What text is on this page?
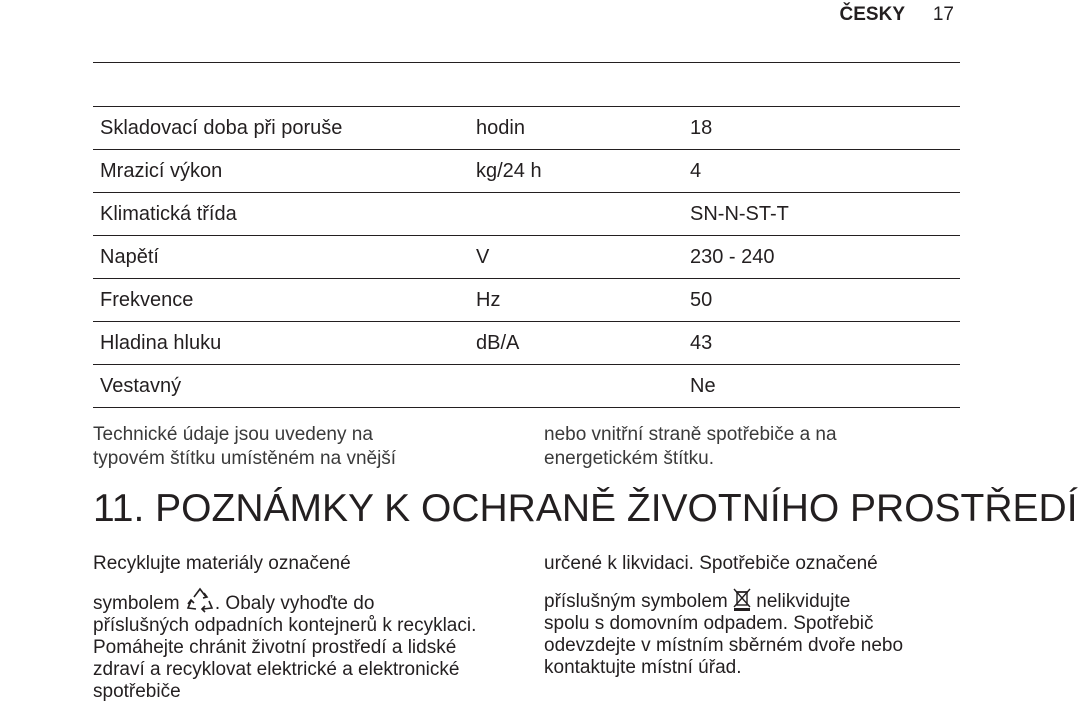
ČESKY 17

Skladovací doba při poruše	hodin	18
Mrazicí výkon	kg/24 h	4
Klimatická třída		SN-N-ST-T
Napětí	V	230 - 240
Frekvence	Hz	50
Hladina hluku	dB/A	43
Vestavný		Ne
Technické údaje jsou uvedeny na
typovém štítku umístěném na vnější
nebo vnitřní straně spotřebiče a na
energetickém štítku.
11. POZNÁMKY K OCHRANĚ ŽIVOTNÍHO PROSTŘEDÍ
Recyklujte materiály označené
symbolem . Obaly vyhoďte do

příslušných odpadních kontejnerů k recyklaci. Pomáhejte chránit životní prostředí a lidské zdraví a recyklovat elektrické a elektronické spotřebiče

určené k likvidaci. Spotřebiče označené
příslušným symbolem nelikvidujte

spolu s domovním odpadem. Spotřebič odevzdejte v místním sběrném dvoře nebo kontaktujte místní úřad.
